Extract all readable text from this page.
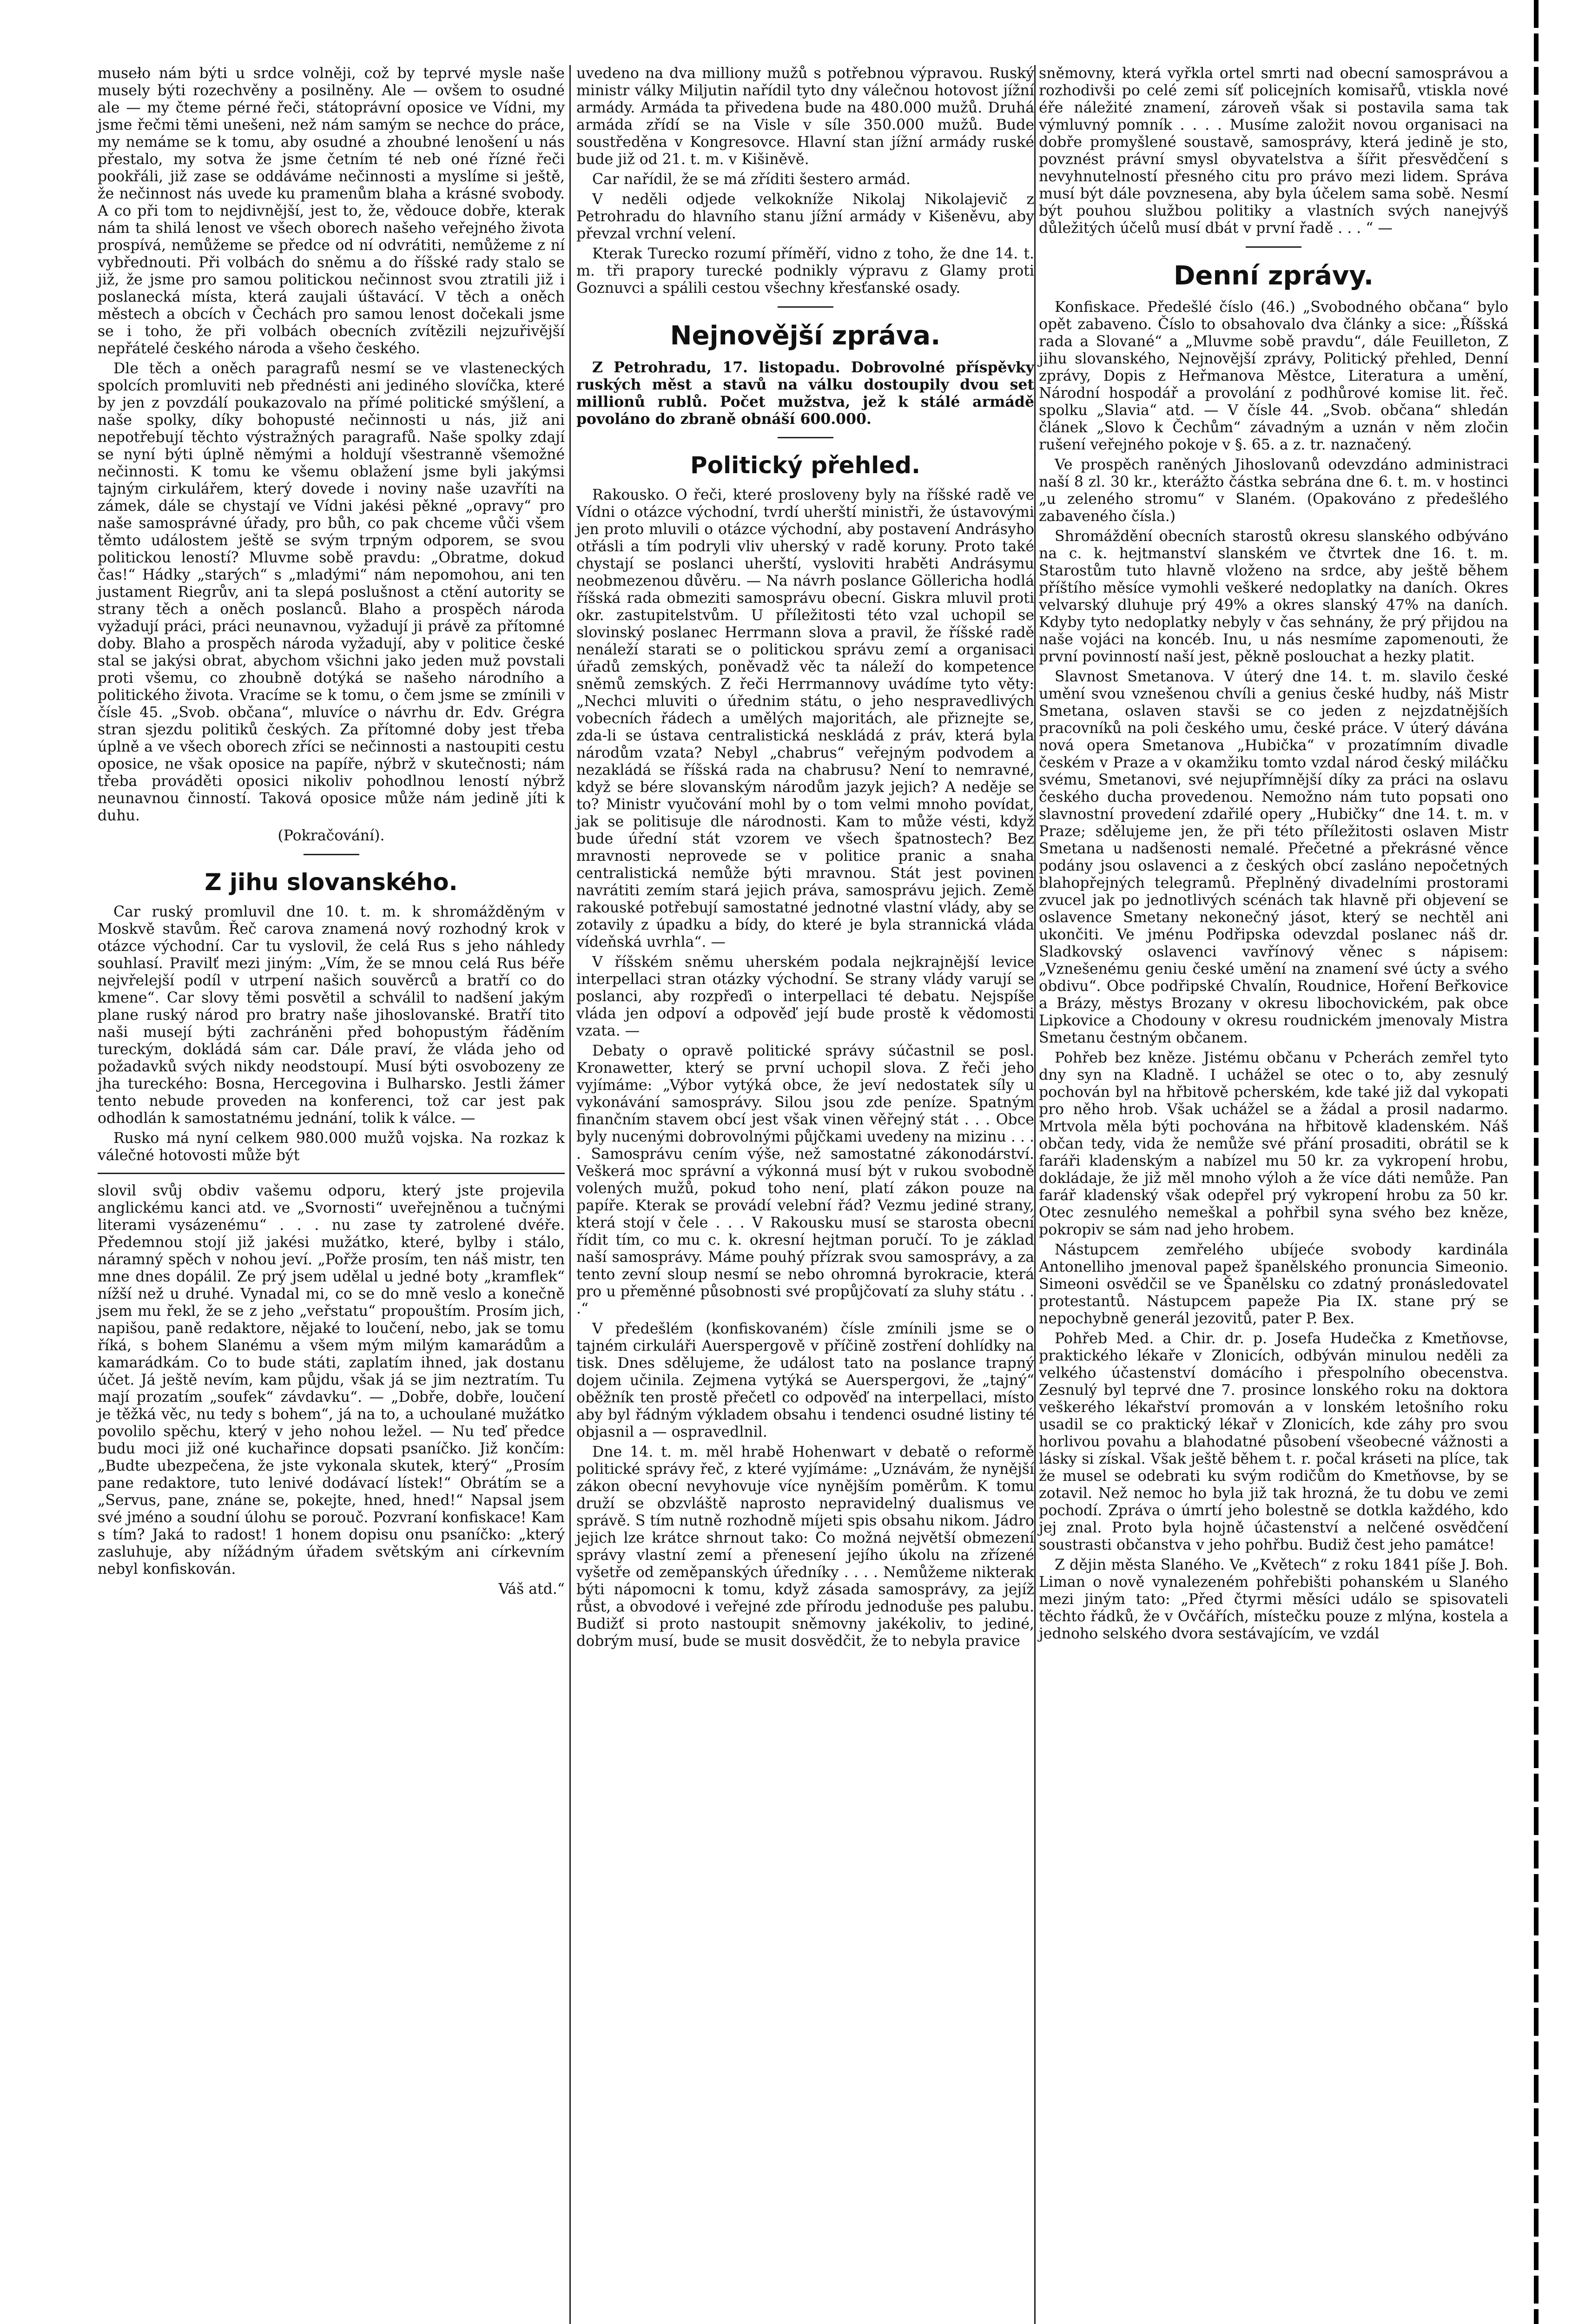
museło nám býti u srdce volněji, což by teprvé mysle naše musely býti rozechvěny a posilněny. Ale — ovšem to osudné ale — my čteme pérné řeči, státoprávní oposice ve Vídni, my jsme řečmi těmi unešeni, než nám samým se nechce do práce, my nemáme se k tomu, aby osudné a zhoubné lenošení u nás přestalo, my sotva že jsme četním té neb oné řízné řeči pookřáli, již zase se oddáváme nečinnosti a myslíme si ještě, že nečinnost nás uvede ku pramenům blaha a krásné svobody. A co při tom to nejdivnější, jest to, že, vědouce dobře, kterak nám ta shilá lenost ve všech oborech našeho veřejného života prospívá, nemůžeme se předce od ní odvrátiti, nemůžeme z ní vybřednouti. Při volbách do sněmu a do říšské rady stalo se již, že jsme pro samou politickou nečinnost svou ztratili již i poslanecká místa, která zaujali úštavácí. V těch a oněch městech a obcích v Čechách pro samou lenost dočekali jsme se i toho, že při volbách obecních zvítězili nejzuřivější nepřátelé českého národa a všeho českého.

Dle těch a oněch paragrafů nesmí se ve vlasteneckých spolcích promluviti neb přednésti ani jediného slovíčka, které by jen z povzdálí poukazovalo na přímé politické smýšlení, a naše spolky, díky bohopusté nečinnosti u nás, již ani nepotřebují těchto výstražných paragrafů. Naše spolky zdají se nyní býti úplně němými a holdují všestranně všemožné nečinnosti. K tomu ke všemu oblažení jsme byli jakýmsi tajným cirkulářem, který dovede i noviny naše uzavříti na zámek, dále se chystají ve Vídni jakési pěkné „opravy“ pro naše samosprávné úřady, pro bůh, co pak chceme vůči všem těmto událostem ještě se svým trpným odporem, se svou politickou leností? Mluvme sobě pravdu: „Obratme, dokud čas!“ Hádky „starých“ s „mladými“ nám nepomohou, ani ten justament Riegrův, ani ta slepá poslušnost a ctění autority se strany těch a oněch poslanců. Blaho a prospěch národa vyžadují práci, práci neunavnou, vyžadují ji právě za přítomné doby. Blaho a prospěch národa vyžadují, aby v politice české stal se jakýsi obrat, abychom všichni jako jeden muž povstali proti všemu, co zhoubně dotýká se našeho národního a politického života. Vracíme se k tomu, o čem jsme se zmínili v čísle 45. „Svob. občana“, mluvíce o návrhu dr. Edv. Grégra stran sjezdu politiků českých. Za přítomné doby jest třeba úplně a ve všech oborech zříci se nečinnosti a nastoupiti cestu oposice, ne však oposice na papíře, nýbrž v skutečnosti; nám třeba prováděti oposici nikoliv pohodlnou leností nýbrž neunavnou činností. Taková oposice může nám jedině jíti k duhu.

(Pokračování).

Z jihu slovanského.

Car ruský promluvil dne 10. t. m. k shromážděným v Moskvě stavům. Řeč carova znamená nový rozhodný krok v otázce východní. Car tu vyslovil, že celá Rus s jeho náhledy souhlasí. Pravilť mezi jiným: „Vím, že se mnou celá Rus béře nejvřelejší podíl v utrpení našich souvěrců a bratří co do kmene“. Car slovy těmi posvětil a schválil to nadšení jakým plane ruský národ pro bratry naše jihoslovanské. Bratří tito naši musejí býti zachráněni před bohopustým řáděním tureckým, dokládá sám car. Dále praví, že vláda jeho od požadavků svých nikdy neodstoupí. Musí býti osvobozeny ze jha tureckého: Bosna, Hercegovina i Bulharsko. Jestli žámer tento nebude proveden na konferenci, tož car jest pak odhodlán k samostatnému jednání, tolik k válce. —

Rusko má nyní celkem 980.000 mužů vojska. Na rozkaz k válečné hotovosti může být

slovil svůj obdiv vašemu odporu, který jste projevila anglickému kanci atd. ve „Svornosti“ uveřejněnou a tučnými literami vysázenému“ . . . nu zase ty zatrolené dvéře. Předemnou stojí již jakési mužátko, které, bylby i stálo, náramný spěch v nohou jeví. „Pořže prosím, ten náš mistr, ten mne dnes dopálil. Ze prý jsem udělal u jedné boty „kramflek“ nížší než u druhé. Vynadal mi, co se do mně veslo a konečně jsem mu řekl, že se z jeho „veřstatu“ propouštím. Prosím jich, napišou, paně redaktore, nějaké to loučení, nebo, jak se tomu říká, s bohem Slanému a všem mým milým kamarádům a kamarádkám. Co to bude státi, zaplatím ihned, jak dostanu účet. Já ještě nevím, kam půjdu, však já se jim neztratím. Tu mají prozatím „soufek“ závdavku“. — „Dobře, dobře, loučení je těžká věc, nu tedy s bohem“, já na to, a uchoulané mužátko povolilo spěchu, který v jeho nohou ležel. — Nu teď předce budu moci již oné kuchařince dopsati psaníčko. Již končím: „Budte ubezpečena, že jste vykonala skutek, který“ „Prosím pane redaktore, tuto lenivé dodávací lístek!“ Obrátím se a „Servus, pane, znáne se, pokejte, hned, hned!“ Napsal jsem své jméno a soudní úlohu se porouč. Pozvraní konfiskace! Kam s tím? Jaká to radost! 1 honem dopisu onu psaníčko: „který zasluhuje, aby nížádným úřadem světským ani církevním nebyl konfiskován.

Váš atd.“

uvedeno na dva milliony mužů s potřebnou výpravou. Ruský ministr války Miljutin nařídil tyto dny válečnou hotovost jížní armády. Armáda ta přivedena bude na 480.000 mužů. Druhá armáda zřídí se na Visle v síle 350.000 mužů. Bude soustředěna v Kongresovce. Hlavní stan jížní armády ruské bude již od 21. t. m. v Kišiněvě.

Car nařídil, že se má zříditi šestero armád.

V neděli odjede velkokníže Nikolaj Nikolajevič z Petrohradu do hlavního stanu jížní armády v Kišeněvu, aby převzal vrchní velení.

Kterak Turecko rozumí příměří, vidno z toho, že dne 14. t. m. tři prapory turecké podnikly výpravu z Glamy proti Goznuvci a spálili cestou všechny křesťanské osady.

Nejnovější zpráva.

Z Petrohradu, 17. listopadu. Dobrovolné příspěvky ruských měst a stavů na válku dostoupily dvou set millionů rublů. Počet mužstva, jež k stálé armádě povoláno do zbraně obnáší 600.000.

Politický přehled.

Rakousko. O řeči, které prosloveny byly na říšské radě ve Vídni o otázce východní, tvrdí uherští ministři, že ústavovými jen proto mluvili o otázce východní, aby postavení Andrásyho otřásli a tím podryli vliv uherský v radě koruny. Proto také chystají se poslanci uherští, vysloviti hraběti Andrásymu neobmezenou důvěru. — Na návrh poslance Göllericha hodlá říšská rada obmeziti samosprávu obecní. Giskra mluvil proti okr. zastupitelstvům. U příležitosti této vzal uchopil se slovinský poslanec Herrmann slova a pravil, že říšské radě nenáleží starati se o politickou správu zemí a organisaci úřadů zemských, poněvadž věc ta náleží do kompetence sněmů zemských. Z řeči Herrmannovy uvádíme tyto věty: „Nechci mluviti o úřednim státu, o jeho nespravedlivých vobecních řádech a umělých majoritách, ale přiznejte se, zda-li se ústava centralistická neskládá z práv, která byla národům vzata? Nebyl „chabrus“ veřejným podvodem a nezakládá se říšská rada na chabrusu? Není to nemravné, když se bére slovanským národům jazyk jejich? A neděje se to? Ministr vyučování mohl by o tom velmi mnoho povídat, jak se politisuje dle národnosti. Kam to může vésti, když bude úřední stát vzorem ve všech špatnostech? Bez mravnosti neprovede se v politice pranic a snaha centralistická nemůže býti mravnou. Stát jest povinen navrátiti zemím stará jejich práva, samosprávu jejich. Země rakouské potřebují samostatné jednotné vlastní vlády, aby se zotavily z úpadku a bídy, do které je byla strannická vláda vídeňská uvrhla“. —

V říšském sněmu uherském podala nejkrajnější levice interpellaci stran otázky východní. Se strany vlády varují se poslanci, aby rozpřeďi o interpellaci té debatu. Nejspíše vláda jen odpoví a odpověď její bude prostě k vědomosti vzata. —

Debaty o opravě politické správy súčastnil se posl. Kronawetter, který se první uchopil slova. Z řeči jeho vyjímáme: „Výbor vytýká obce, že jeví nedostatek síly u vykonávání samosprávy. Silou jsou zde peníze. Spatným finančním stavem obcí jest však vinen věřejný stát . . . Obce byly nucenými dobrovolnými půjčkami uvedeny na mizinu . . . . Samosprávu cením výše, než samostatné zákonodárství. Veškerá moc správní a výkonná musí být v rukou svobodně volených mužů, pokud toho není, platí zákon pouze na papíře. Kterak se provádí velební řád? Vezmu jediné strany, která stojí v čele . . . V Rakousku musí se starosta obecní řídit tím, co mu c. k. okresní hejtman poručí. To je základ naší samosprávy. Máme pouhý přízrak svou samosprávy, a za tento zevní sloup nesmí se nebo ohromná byrokracie, která pro u přeměnné působnosti své propůjčovatí za sluhy státu . . .“

V předešlém (konfiskovaném) čísle zmínili jsme se o tajném cirkuláři Auerspergově v příčině zostření dohlídky na tisk. Dnes sdělujeme, že událost tato na poslance trapný dojem učinila. Zejmena vytýká se Auerspergovi, že „tajný“ oběžník ten prostě přečetl co odpověď na interpellaci, místo aby byl řádným výkladem obsahu i tendenci osudné listiny té objasnil a — ospravedlnil.

Dne 14. t. m. měl hrabě Hohenwart v debatě o reformě politické správy řeč, z které vyjímáme: „Uznávám, že nynější zákon obecní nevyhovuje více nynějším poměrům. K tomu druží se obzvláště naprosto nepravidelný dualismus ve správě. S tím nutně rozhodně míjeti spis obsahu nikom. Jádro jejich lze krátce shrnout tako: Co možná největší obmezení správy vlastní zemí a přenesení jejího úkolu na zřízené vyšetře od zeměpanských úředníky . . . . Nemůžeme nikterak býti nápomocni k tomu, když zásada samosprávy, za jejíž růst, a obvodové i veřejné zde přírodu jednoduše pes palubu. Budižť si proto nastoupit sněmovny jakékoliv, to jediné, dobrým musí, bude se musit dosvědčit, že to nebyla pravice

sněmovny, která vyřkla ortel smrti nad obecní samosprávou a rozhodivši po celé zemi síť policejních komisařů, vtiskla nové éře náležité znamení, zároveň však si postavila sama tak výmluvný pomník . . . . Musíme založit novou organisaci na dobře promyšlené soustavě, samosprávy, která jedině je sto, povznést právní smysl obyvatelstva a šířit přesvědčení s nevyhnutelností přesného citu pro právo mezi lidem. Správa musí být dále povznesena, aby byla účelem sama sobě. Nesmí být pouhou službou politiky a vlastních svých nanejvýš důležitých účelů musí dbát v první řadě . . . “ —

Denní zprávy.

Konfiskace. Předešlé číslo (46.) „Svobodného občana“ bylo opět zabaveno. Číslo to obsahovalo dva články a sice: „Říšská rada a Slované“ a „Mluvme sobě pravdu“, dále Feuilleton, Z jihu slovanského, Nejnovější zprávy, Politický přehled, Denní zprávy, Dopis z Heřmanova Městce, Literatura a umění, Národní hospodář a provolání z podhůrové komise lit. řeč. spolku „Slavia“ atd. — V čísle 44. „Svob. občana“ shledán článek „Slovo k Čechům“ závadným a uznán v něm zločin rušení veřejného pokoje v §. 65. a z. tr. naznačený.

Ve prospěch raněných Jihoslovanů odevzdáno administraci naší 8 zl. 30 kr., kterážto částka sebrána dne 6. t. m. v hostinci „u zeleného stromu“ v Slaném. (Opakováno z předešlého zabaveného čísla.)

Shromáždění obecních starostů okresu slanského odbýváno na c. k. hejtmanství slanském ve čtvrtek dne 16. t. m. Starostům tuto hlavně vloženo na srdce, aby ještě během příštího měsíce vymohli veškeré nedoplatky na daních. Okres velvarský dluhuje prý 49% a okres slanský 47% na daních. Kdyby tyto nedoplatky nebyly v čas sehnány, že prý přijdou na naše vojáci na koncéb. Inu, u nás nesmíme zapomenouti, že první povinností naší jest, pěkně poslouchat a hezky platit.

Slavnost Smetanova. V úterý dne 14. t. m. slavilo české umění svou vznešenou chvíli a genius české hudby, náš Mistr Smetana, oslaven stavši se co jeden z nejzdatnějších pracovníků na poli českého umu, české práce. V úterý dávána nová opera Smetanova „Hubička“ v prozatímním divadle českém v Praze a v okamžiku tomto vzdal národ český miláčku svému, Smetanovi, své nejupřímnější díky za práci na oslavu českého ducha provedenou. Nemožno nám tuto popsati ono slavnostní provedení zdařilé opery „Hubičky“ dne 14. t. m. v Praze; sdělujeme jen, že při této příležitosti oslaven Mistr Smetana u nadšenosti nemalé. Přečetné a překrásné věnce podány jsou oslavenci a z českých obcí zasláno nepočetných blahopřejných telegramů. Přeplněný divadelními prostorami zvucel jak po jednotlivých scénách tak hlavně při objevení se oslavence Smetany nekonečný jásot, který se nechtěl ani ukončiti. Ve jménu Podřipska odevzdal poslanec náš dr. Sladkovský oslavenci vavřínový věnec s nápisem: „Vznešenému geniu české umění na znamení své úcty a svého obdivu“. Obce podřipské Chvalín, Roudnice, Hoření Beřkovice a Brázy, městys Brozany v okresu libochovickém, pak obce Lipkovice a Chodouny v okresu roudnickém jmenovaly Mistra Smetanu čestným občanem.

Pohřeb bez kněze. Jistému občanu v Pcherách zemřel tyto dny syn na Kladně. I uchážel se otec o to, aby zesnulý pochován byl na hřbitově pcherském, kde také již dal vykopati pro něho hrob. Však uchážel se a žádal a prosil nadarmo. Mrtvola měla býti pochována na hřbitově kladenském. Náš občan tedy, vida že nemůže své přání prosaditi, obrátil se k faráři kladenským a nabízel mu 50 kr. za vykropení hrobu, dokládaje, že již měl mnoho výloh a že více dáti nemůže. Pan farář kladenský však odepřel prý vykropení hrobu za 50 kr. Otec zesnulého nemeškal a pohřbil syna svého bez kněze, pokropiv se sám nad jeho hrobem.

Nástupcem zemřelého ubíjeće svobody kardinála Antonelliho jmenoval papež španělského pronuncia Simeonio. Simeoni osvědčil se ve Španělsku co zdatný pronásledovatel protestantů. Nástupcem papeže Pia IX. stane prý se nepochybně generál jezovitů, pater P. Bex.

Pohřeb Med. a Chir. dr. p. Josefa Hudečka z Kmetňovse, praktického lékaře v Zlonicích, odbýván minulou neděli za velkého účastenství domácího i přespolního obecenstva. Zesnulý byl teprvé dne 7. prosince lonského roku na doktora veškerého lékařství promován a v lonském letošního roku usadil se co praktický lékař v Zlonicích, kde záhy pro svou horlivou povahu a blahodatné působení všeobecné vážnosti a lásky si získal. Však ještě během t. r. počal kráseti na plíce, tak že musel se odebrati ku svým rodičům do Kmetňovse, by se zotavil. Než nemoc ho byla již tak hrozná, že tu dobu ve zemi pochodí. Zpráva o úmrtí jeho bolestně se dotkla každého, kdo jej znal. Proto byla hojně účastenství a nelčené osvědčení soustrasti občanstva v jeho pohřbu. Budiž čest jeho památce!

Z dějin města Slaného. Ve „Květech“ z roku 1841 píše J. Boh. Liman o nově vynalezeném pohřebišti pohanském u Slaného mezi jiným tato: „Před čtyrmi měsíci událo se spisovateli těchto řádků, že v Ovčářích, místečku pouze z mlýna, kostela a jednoho selského dvora sestávajícím, ve vzdál
